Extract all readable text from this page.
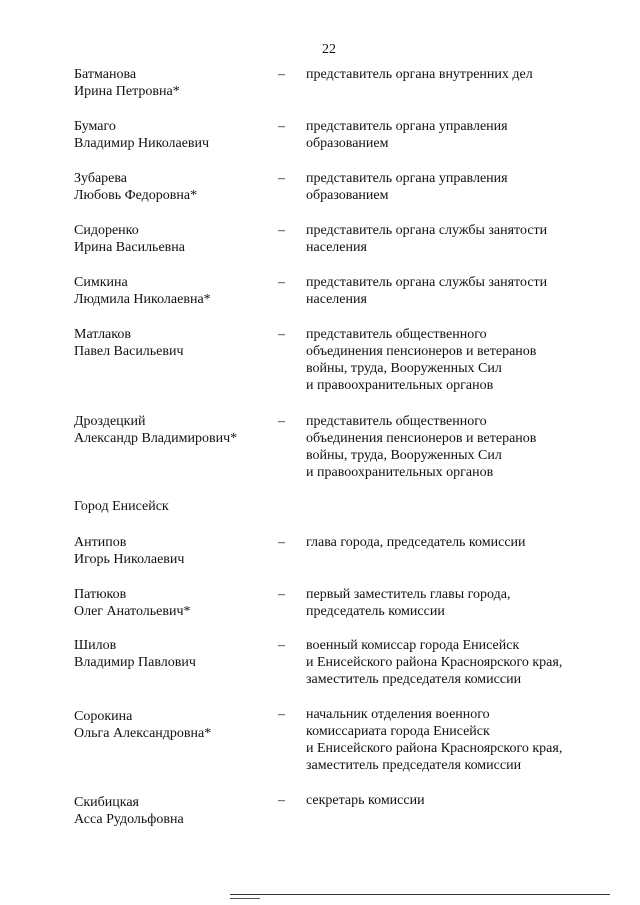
22
Батманова
Ирина Петровна*
– представитель органа внутренних дел
Бумаго
Владимир Николаевич
– представитель органа управления
образованием
Зубарева
Любовь Федоровна*
– представитель органа управления
образованием
Сидоренко
Ирина Васильевна
– представитель органа службы занятости
населения
Симкина
Людмила Николаевна*
– представитель органа службы занятости
населения
Матлаков
Павел Васильевич
– представитель общественного
объединения пенсионеров и ветеранов
войны, труда, Вооруженных Сил
и правоохранительных органов
Дроздецкий
Александр Владимирович*
– представитель общественного
объединения пенсионеров и ветеранов
войны, труда, Вооруженных Сил
и правоохранительных органов
Город Енисейск
Антипов
Игорь Николаевич
– глава города, председатель комиссии
Патюков
Олег Анатольевич*
– первый заместитель главы города,
председатель комиссии
Шилов
Владимир Павлович
– военный комиссар города Енисейск
и Енисейского района Красноярского края,
заместитель председателя комиссии
Сорокина
Ольга Александровна*
– начальник отделения военного
комиссариата города Енисейск
и Енисейского района Красноярского края,
заместитель председателя комиссии
Скибицкая
Асса Рудольфовна
– секретарь комиссии
